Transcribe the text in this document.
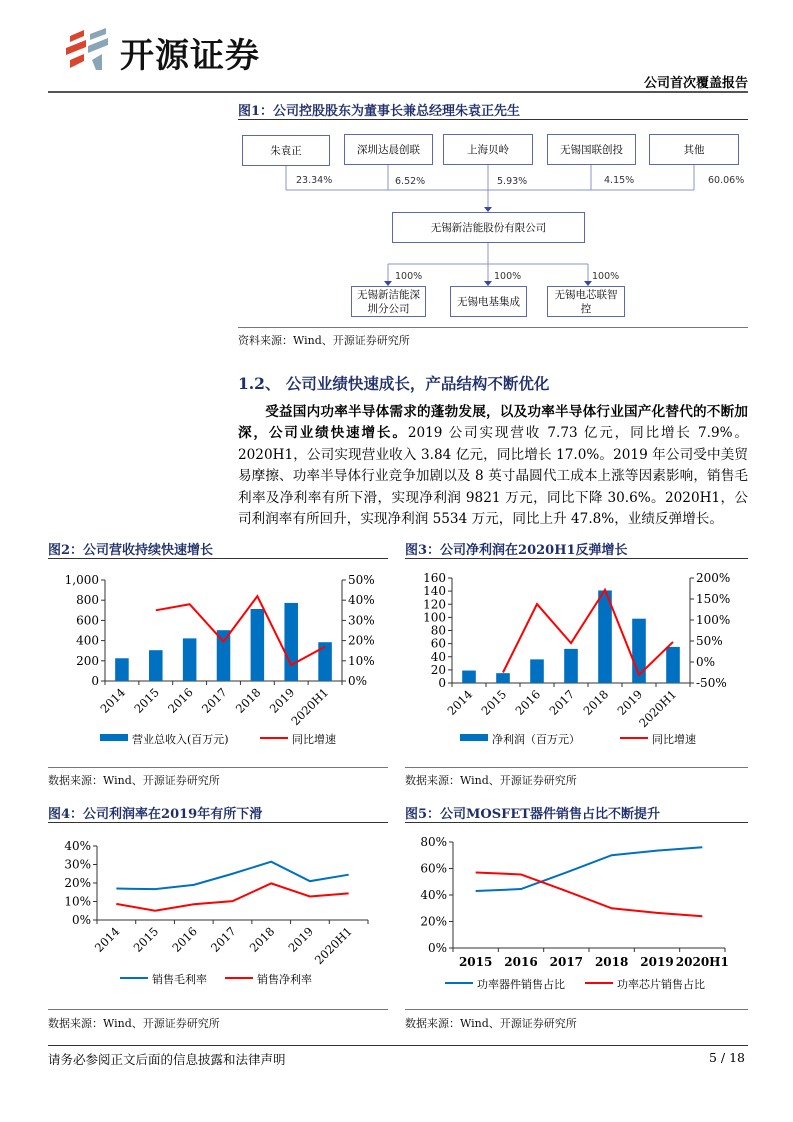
开源证券
公司首次覆盖报告
图1：公司控股股东为董事长兼总经理朱袁正先生
朱袁正	深圳达晨创联	上海贝岭	无锡国联创投	其他
23.34%	6.52%	5.93%	4.15%	60.06%
无锡新洁能股份有限公司
100%	100%	100%
无锡新洁能深圳分公司
无锡电基集成
无锡电芯联智控
资料来源：Wind、开源证券研究所
1.2、 公司业绩快速成长，产品结构不断优化
受益国内功率半导体需求的蓬勃发展，以及功率半导体行业国产化替代的不断加深，公司业绩快速增长。2019 公司实现营收 7.73 亿元，同比增长 7.9%。2020H1，公司实现营业收入 3.84 亿元，同比增长 17.0%。2019 年公司受中美贸易摩擦、功率半导体行业竞争加剧以及 8 英寸晶圆代工成本上涨等因素影响，销售毛利率及净利率有所下滑，实现净利润 9821 万元，同比下降 30.6%。2020H1，公司利润率有所回升，实现净利润 5534 万元，同比上升 47.8%，业绩反弹增长。
图2：公司营收持续快速增长	图3：公司净利润在2020H1反弹增长
0
200
400
600
800
1,000
0%
10%
20%
30%
40%
50%
2014 2015 2016 2017 2018 2019
2020H1
营业总收入(百万元)	同比增速
0
20
40
60
80
100
120
140
160
-50%
0%
50%
100%
150%
200%
2014 2015 2016 2017 2018 2019
2020H1
净利润（百万元）	同比增速
数据来源：Wind、开源证券研究所	数据来源：Wind、开源证券研究所
图4：公司利润率在2019年有所下滑	图5：公司MOSFET器件销售占比不断提升
0%
10%
20%
30%
40%
2014 2015 2016 2017 2018 2019
2020H1
销售毛利率	销售净利率
0%
20%
40%
60%
80%
2015 2016 2017 2018 2019 2020H1
功率器件销售占比	功率芯片销售占比
数据来源：Wind、开源证券研究所	数据来源：Wind、开源证券研究所
请务必参阅正文后面的信息披露和法律声明	5 / 18
